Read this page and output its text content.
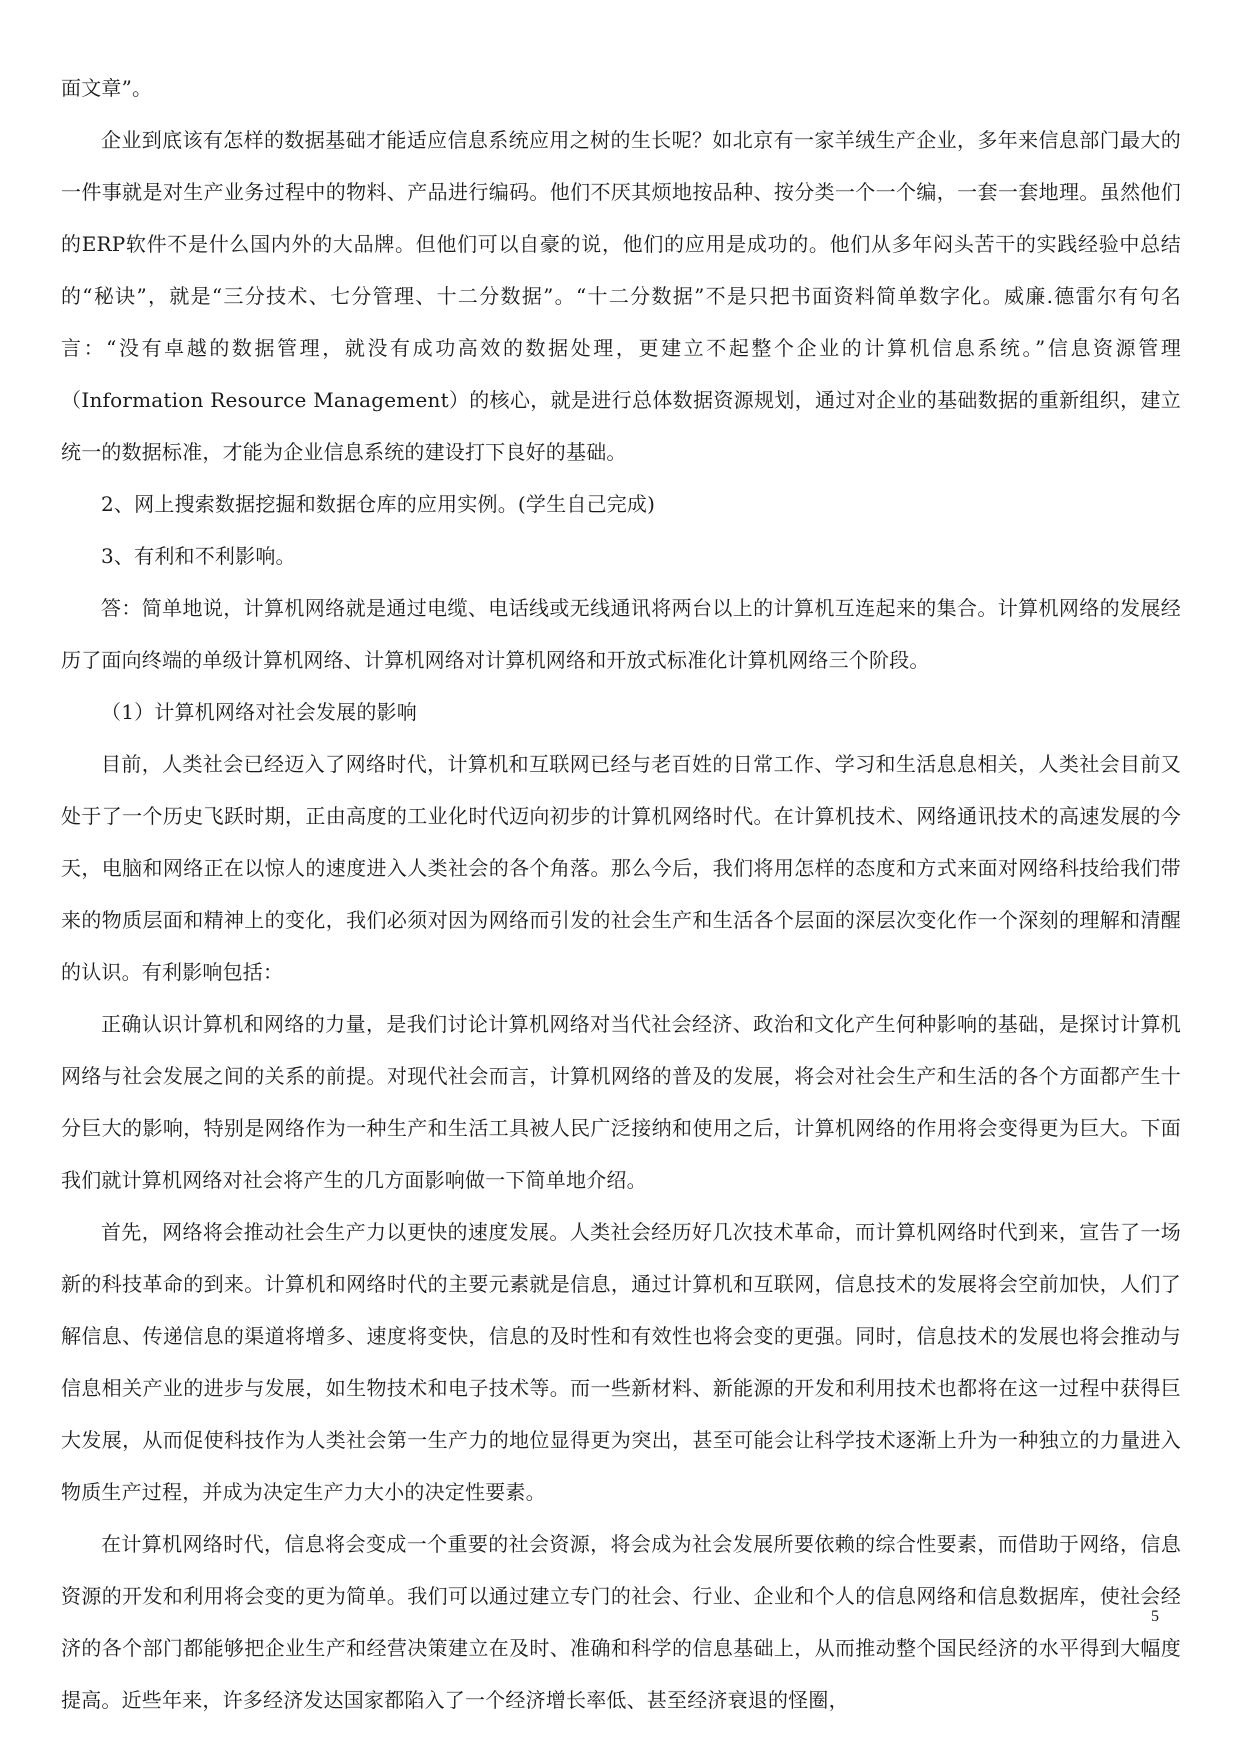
面文章”。

企业到底该有怎样的数据基础才能适应信息系统应用之树的生长呢？如北京有一家羊绒生产企业，多年来信息部门最大的一件事就是对生产业务过程中的物料、产品进行编码。他们不厌其烦地按品种、按分类一个一个编，一套一套地理。虽然他们的ERP软件不是什么国内外的大品牌。但他们可以自豪的说，他们的应用是成功的。他们从多年闷头苦干的实践经验中总结的“秘诀”，就是“三分技术、七分管理、十二分数据”。“十二分数据”不是只把书面资料简单数字化。威廉.德雷尔有句名言：“没有卓越的数据管理，就没有成功高效的数据处理，更建立不起整个企业的计算机信息系统。”信息资源管理（Information Resource Management）的核心，就是进行总体数据资源规划，通过对企业的基础数据的重新组织，建立统一的数据标准，才能为企业信息系统的建设打下良好的基础。

2、网上搜索数据挖掘和数据仓库的应用实例。(学生自己完成)

3、有利和不利影响。

答：简单地说，计算机网络就是通过电缆、电话线或无线通讯将两台以上的计算机互连起来的集合。计算机网络的发展经历了面向终端的单级计算机网络、计算机网络对计算机网络和开放式标准化计算机网络三个阶段。

（1）计算机网络对社会发展的影响

目前，人类社会已经迈入了网络时代，计算机和互联网已经与老百姓的日常工作、学习和生活息息相关，人类社会目前又处于了一个历史飞跃时期，正由高度的工业化时代迈向初步的计算机网络时代。在计算机技术、网络通讯技术的高速发展的今天，电脑和网络正在以惊人的速度进入人类社会的各个角落。那么今后，我们将用怎样的态度和方式来面对网络科技给我们带来的物质层面和精神上的变化，我们必须对因为网络而引发的社会生产和生活各个层面的深层次变化作一个深刻的理解和清醒的认识。有利影响包括：

正确认识计算机和网络的力量，是我们讨论计算机网络对当代社会经济、政治和文化产生何种影响的基础，是探讨计算机网络与社会发展之间的关系的前提。对现代社会而言，计算机网络的普及的发展，将会对社会生产和生活的各个方面都产生十分巨大的影响，特别是网络作为一种生产和生活工具被人民广泛接纳和使用之后，计算机网络的作用将会变得更为巨大。下面我们就计算机网络对社会将产生的几方面影响做一下简单地介绍。

首先，网络将会推动社会生产力以更快的速度发展。人类社会经历好几次技术革命，而计算机网络时代到来，宣告了一场新的科技革命的到来。计算机和网络时代的主要元素就是信息，通过计算机和互联网，信息技术的发展将会空前加快，人们了解信息、传递信息的渠道将增多、速度将变快，信息的及时性和有效性也将会变的更强。同时，信息技术的发展也将会推动与信息相关产业的进步与发展，如生物技术和电子技术等。而一些新材料、新能源的开发和利用技术也都将在这一过程中获得巨大发展，从而促使科技作为人类社会第一生产力的地位显得更为突出，甚至可能会让科学技术逐渐上升为一种独立的力量进入物质生产过程，并成为决定生产力大小的决定性要素。

在计算机网络时代，信息将会变成一个重要的社会资源，将会成为社会发展所要依赖的综合性要素，而借助于网络，信息资源的开发和利用将会变的更为简单。我们可以通过建立专门的社会、行业、企业和个人的信息网络和信息数据库，使社会经济的各个部门都能够把企业生产和经营决策建立在及时、准确和科学的信息基础上，从而推动整个国民经济的水平得到大幅度提高。近些年来，许多经济发达国家都陷入了一个经济增长率低、甚至经济衰退的怪圈，

5
